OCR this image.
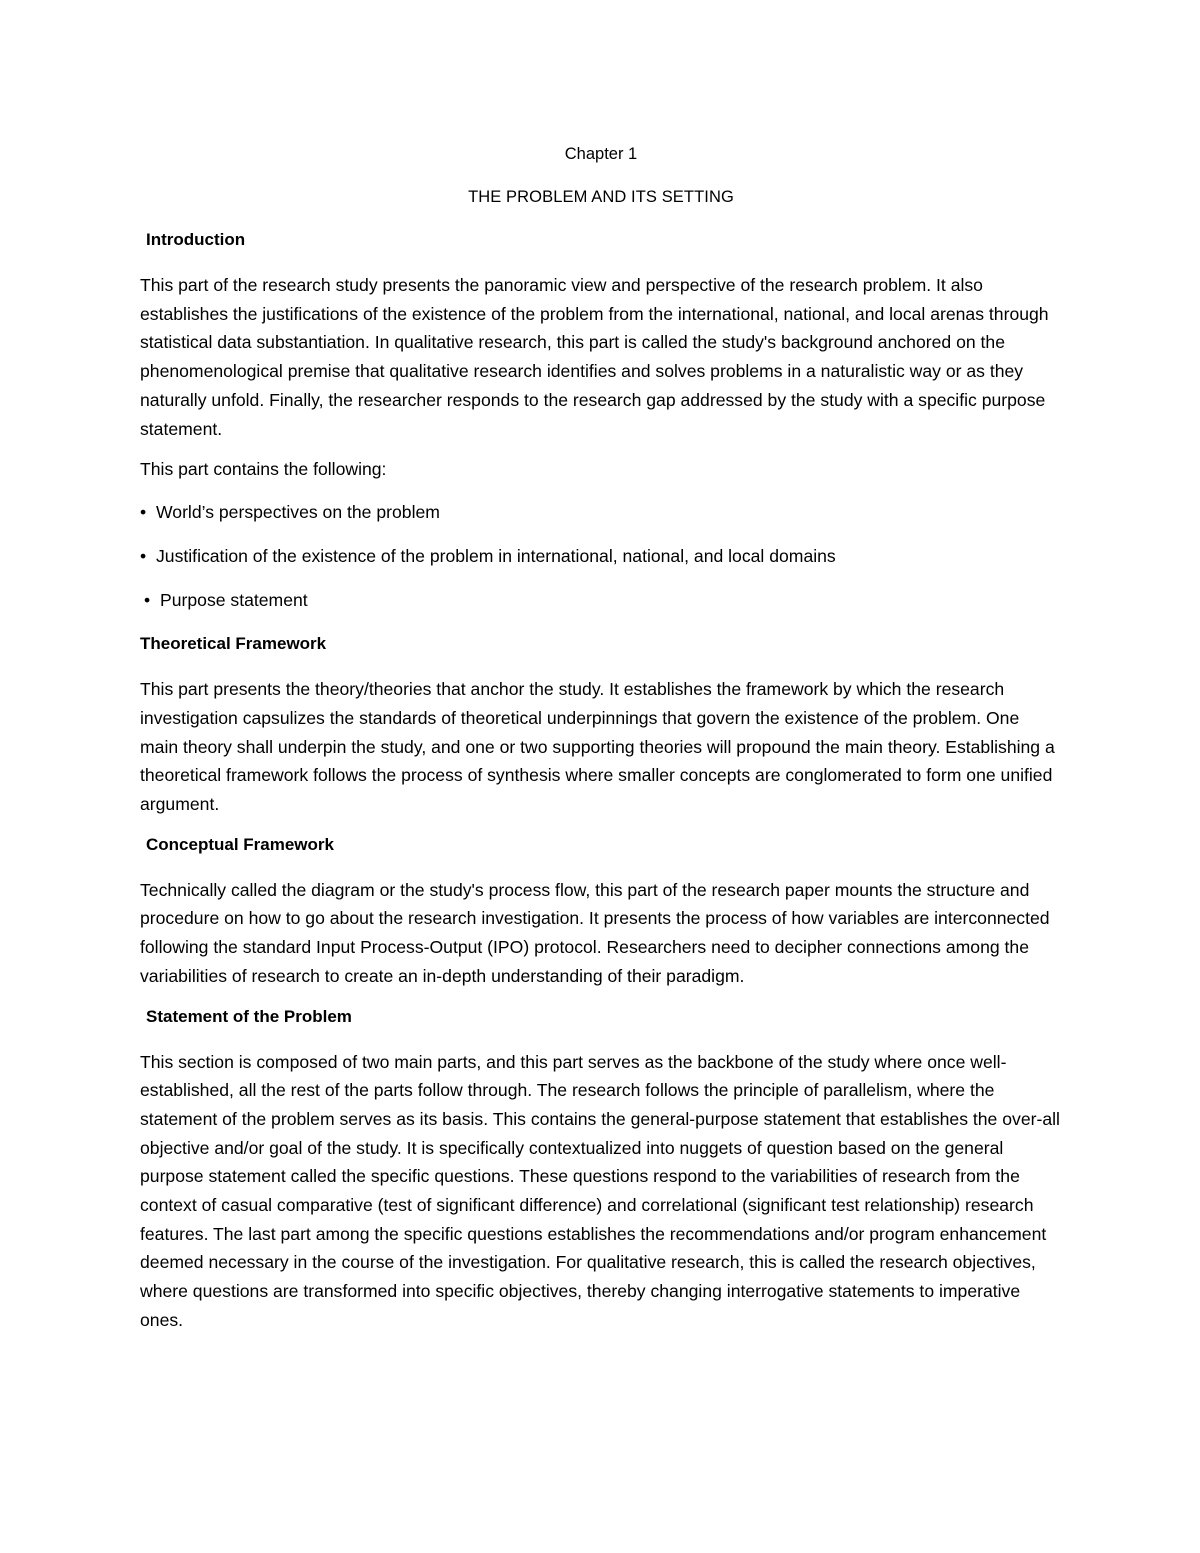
Chapter 1
THE PROBLEM AND ITS SETTING
Introduction

This part of the research study presents the panoramic view and perspective of the research problem. It also establishes the justifications of the existence of the problem from the international, national, and local arenas through statistical data substantiation. In qualitative research, this part is called the study's background anchored on the phenomenological premise that qualitative research identifies and solves problems in a naturalistic way or as they naturally unfold. Finally, the researcher responds to the research gap addressed by the study with a specific purpose statement.

This part contains the following:
• World’s perspectives on the problem
• Justification of the existence of the problem in international, national, and local domains
• Purpose statement
Theoretical Framework

This part presents the theory/theories that anchor the study. It establishes the framework by which the research investigation capsulizes the standards of theoretical underpinnings that govern the existence of the problem. One main theory shall underpin the study, and one or two supporting theories will propound the main theory. Establishing a theoretical framework follows the process of synthesis where smaller concepts are conglomerated to form one unified argument.

Conceptual Framework

Technically called the diagram or the study's process flow, this part of the research paper mounts the structure and procedure on how to go about the research investigation. It presents the process of how variables are interconnected following the standard Input Process-Output (IPO) protocol. Researchers need to decipher connections among the variabilities of research to create an in-depth understanding of their paradigm.

Statement of the Problem

This section is composed of two main parts, and this part serves as the backbone of the study where once well-established, all the rest of the parts follow through. The research follows the principle of parallelism, where the statement of the problem serves as its basis. This contains the general-purpose statement that establishes the over-all objective and/or goal of the study. It is specifically contextualized into nuggets of question based on the general purpose statement called the specific questions. These questions respond to the variabilities of research from the context of casual comparative (test of significant difference) and correlational (significant test relationship) research features. The last part among the specific questions establishes the recommendations and/or program enhancement deemed necessary in the course of the investigation. For qualitative research, this is called the research objectives, where questions are transformed into specific objectives, thereby changing interrogative statements to imperative ones.
